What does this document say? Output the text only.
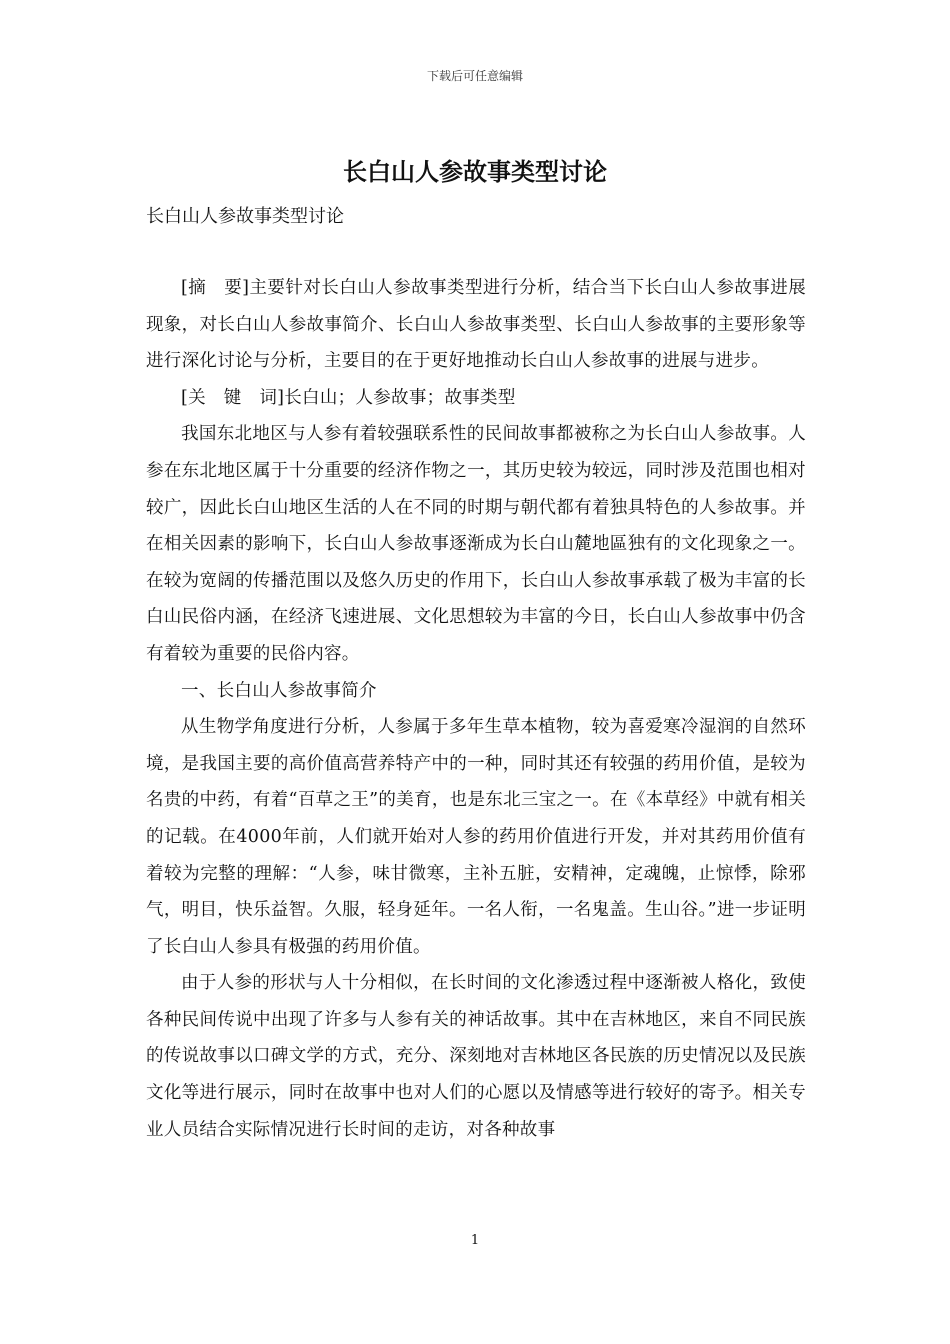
下载后可任意编辑
长白山人参故事类型讨论

长白山人参故事类型讨论

[摘　要]主要针对长白山人参故事类型进行分析，结合当下长白山人参故事进展现象，对长白山人参故事简介、长白山人参故事类型、长白山人参故事的主要形象等进行深化讨论与分析，主要目的在于更好地推动长白山人参故事的进展与进步。

[关　键　词]长白山；人参故事；故事类型

我国东北地区与人参有着较强联系性的民间故事都被称之为长白山人参故事。人参在东北地区属于十分重要的经济作物之一，其历史较为较远，同时涉及范围也相对较广，因此长白山地区生活的人在不同的时期与朝代都有着独具特色的人参故事。并在相关因素的影响下，长白山人参故事逐渐成为长白山麓地區独有的文化现象之一。在较为宽阔的传播范围以及悠久历史的作用下，长白山人参故事承载了极为丰富的长白山民俗内涵，在经济飞速进展、文化思想较为丰富的今日，长白山人参故事中仍含有着较为重要的民俗内容。

一、长白山人参故事简介

从生物学角度进行分析，人参属于多年生草本植物，较为喜爱寒冷湿润的自然环境，是我国主要的高价值高营养特产中的一种，同时其还有较强的药用价值，是较为名贵的中药，有着“百草之王”的美育，也是东北三宝之一。在《本草经》中就有相关的记载。在4000年前，人们就开始对人参的药用价值进行开发，并对其药用价值有着较为完整的理解：“人参，味甘微寒，主补五脏，安精神，定魂魄，止惊悸，除邪气，明目，快乐益智。久服，轻身延年。一名人衔，一名鬼盖。生山谷。”进一步证明了长白山人参具有极强的药用价值。

由于人参的形状与人十分相似，在长时间的文化渗透过程中逐渐被人格化，致使各种民间传说中出现了许多与人参有关的神话故事。其中在吉林地区，来自不同民族的传说故事以口碑文学的方式，充分、深刻地对吉林地区各民族的历史情况以及民族文化等进行展示，同时在故事中也对人们的心愿以及情感等进行较好的寄予。相关专业人员结合实际情况进行长时间的走访，对各种故事

1
